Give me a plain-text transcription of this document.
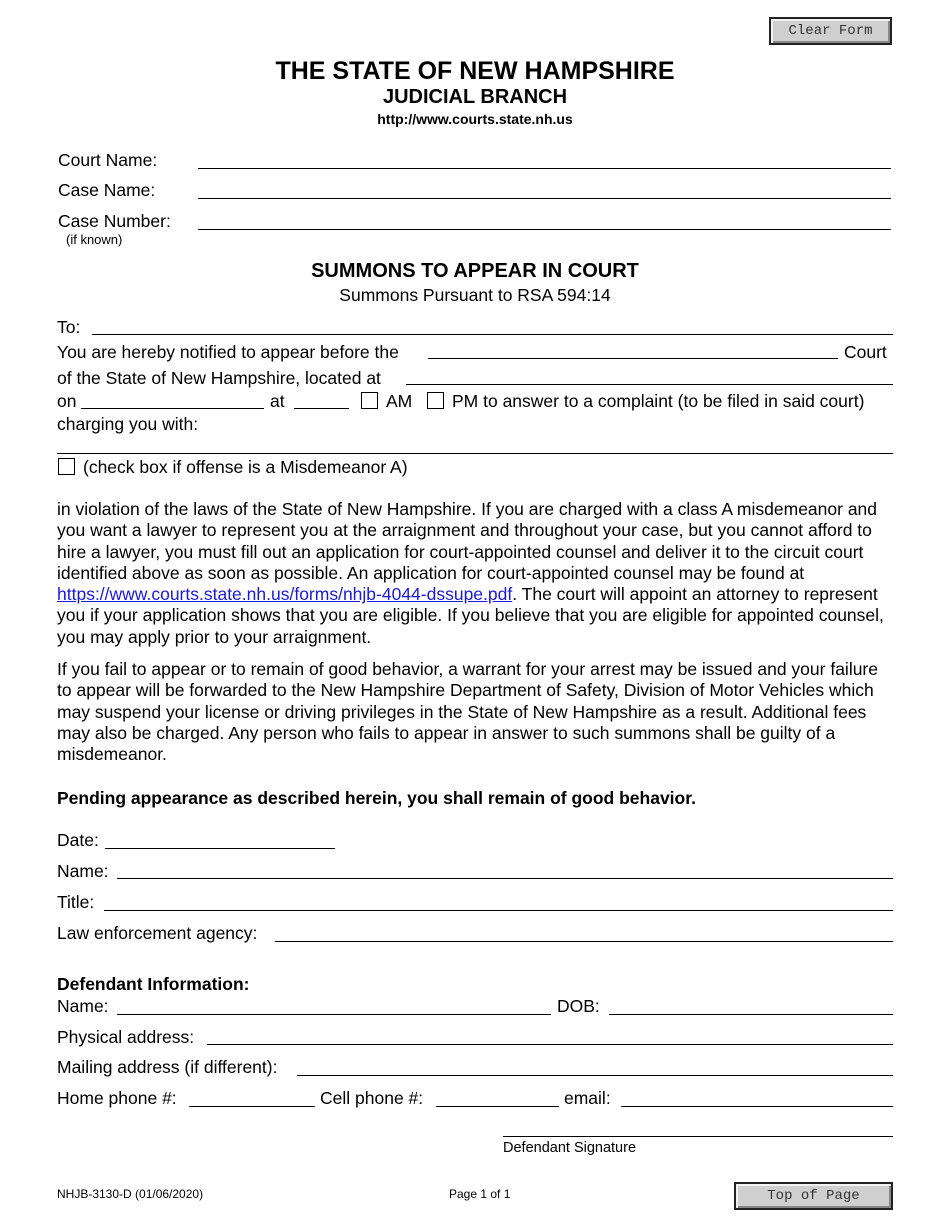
Clear Form
THE STATE OF NEW HAMPSHIRE
JUDICIAL BRANCH
http://www.courts.state.nh.us
Court Name:
Case Name:
Case Number:
(if known)
SUMMONS TO APPEAR IN COURT
Summons Pursuant to RSA 594:14
To:
You are hereby notified to appear before the	Court
of the State of New Hampshire, located at
on	at	AM PM to answer to a complaint (to be filed in said court)
charging you with:
(check box if offense is a Misdemeanor A)
in violation of the laws of the State of New Hampshire. If you are charged with a class A misdemeanor and you want a lawyer to represent you at the arraignment and throughout your case, but you cannot afford to hire a lawyer, you must fill out an application for court-appointed counsel and deliver it to the circuit court identified above as soon as possible. An application for court-appointed counsel may be found at https://www.courts.state.nh.us/forms/nhjb-4044-dssupe.pdf. The court will appoint an attorney to represent you if your application shows that you are eligible. If you believe that you are eligible for appointed counsel, you may apply prior to your arraignment.
If you fail to appear or to remain of good behavior, a warrant for your arrest may be issued and your failure to appear will be forwarded to the New Hampshire Department of Safety, Division of Motor Vehicles which may suspend your license or driving privileges in the State of New Hampshire as a result. Additional fees may also be charged. Any person who fails to appear in answer to such summons shall be guilty of a misdemeanor.
Pending appearance as described herein, you shall remain of good behavior.
Date:
Name:
Title:
Law enforcement agency:
Defendant Information:
Name:	DOB:
Physical address:
Mailing address (if different):
Home phone #:	Cell phone #:	email:
Defendant Signature
NHJB-3130-D (01/06/2020)	Page 1 of 1	Top of Page
